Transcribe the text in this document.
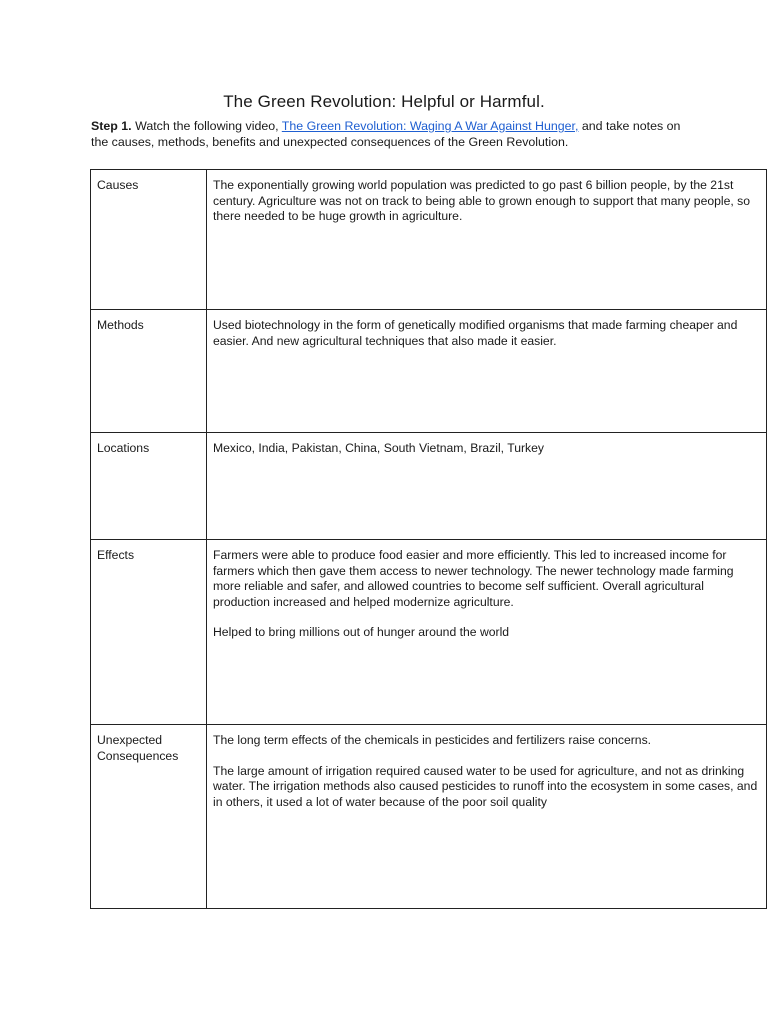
The Green Revolution: Helpful or Harmful.

Step 1. Watch the following video, The Green Revolution: Waging A War Against Hunger, and take notes on the causes, methods, benefits and unexpected consequences of the Green Revolution.

Causes	The exponentially growing world population was predicted to go past 6 billion people, by the 21st century. Agriculture was not on track to being able to grown enough to support that many people, so there needed to be huge growth in agriculture.

Methods	Used biotechnology in the form of genetically modified organisms that made farming cheaper and easier. And new agricultural techniques that also made it easier.

Locations	Mexico, India, Pakistan, China, South Vietnam, Brazil, Turkey

Effects	Farmers were able to produce food easier and more efficiently. This led to increased income for farmers which then gave them access to newer technology. The newer technology made farming more reliable and safer, and allowed countries to become self sufficient. Overall agricultural production increased and helped modernize agriculture.

Helped to bring millions out of hunger around the world

Unexpected Consequences	The long term effects of the chemicals in pesticides and fertilizers raise concerns.

The large amount of irrigation required caused water to be used for agriculture, and not as drinking water. The irrigation methods also caused pesticides to runoff into the ecosystem in some cases, and in others, it used a lot of water because of the poor soil quality
